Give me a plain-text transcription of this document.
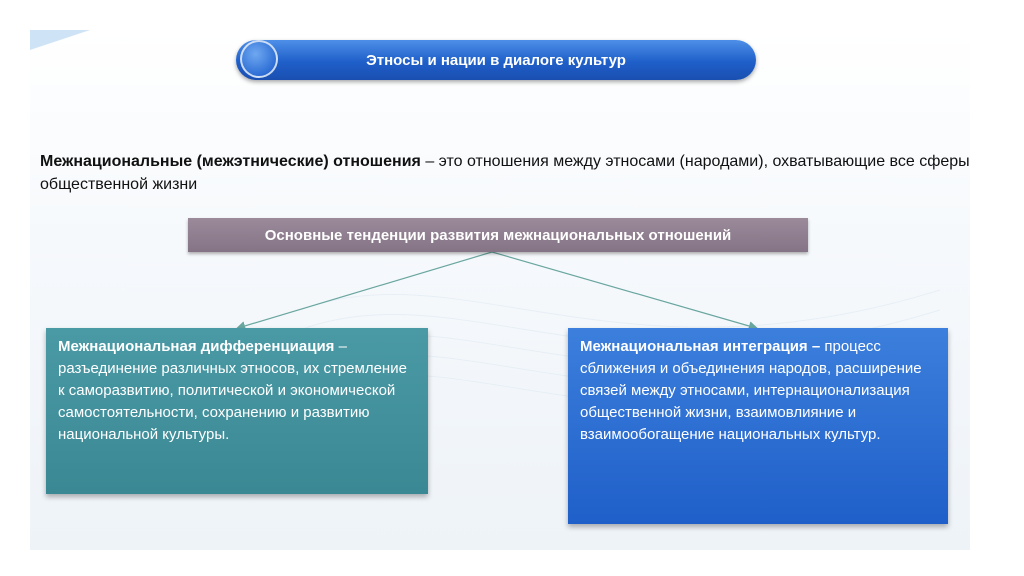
Этносы и нации в диалоге культур
Межнациональные (межэтнические) отношения – это отношения между этносами (народами), охватывающие все сферы общественной жизни
Основные тенденции развития межнациональных отношений
Межнациональная дифференциация – разъединение различных этносов, их стремление к саморазвитию, политической и экономической самостоятельности, сохранению и развитию национальной культуры.
Межнациональная интеграция – процесс сближения и объединения народов, расширение связей между этносами, интернационализация общественной жизни, взаимовлияние и взаимообогащение национальных культур.
